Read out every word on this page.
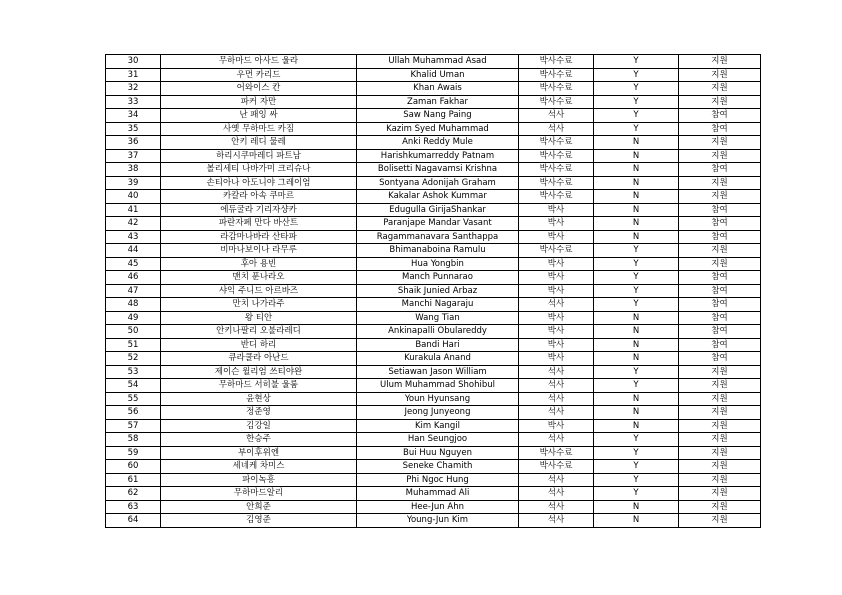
30	무하마드 아사드 울라	Ullah Muhammad Asad	박사수료	Y	지원
31	우먼 카리드	Khalid Uman	박사수료	Y	지원
32	어와이스 칸	Khan Awais	박사수료	Y	지원
33	파커 자만	Zaman Fakhar	박사수료	Y	지원
34	난 패잉 싸	Saw Nang Paing	석사	Y	참여
35	사옛 무하마드 카짐	Kazim Syed Muhammad	석사	Y	참여
36	안키 레디 물레	Anki Reddy Mule	박사수료	N	지원
37	하리시쿠마레디 파트남	Harishkumarreddy Patnam	박사수료	N	지원
38	볼리세티 나바가미 크리슈나	Bolisetti Nagavamsi Krishna	박사수료	N	참여
39	손티아나 아도니야 그레이엄	Sontyana Adonijah Graham	박사수료	N	지원
40	카칼라 아속 쿠마르	Kakalar Ashok Kummar	박사수료	N	지원
41	에듀굴라 기리자샹카	Edugulla GirijaShankar	박사	N	참여
42	파란자페 만다 바산트	Paranjape Mandar Vasant	박사	N	참여
43	라감마나바라 산타파	Ragammanavara Santhappa	박사	N	참여
44	비마나보이나 라무루	Bhimanaboina Ramulu	박사수료	Y	지원
45	후아 용빈	Hua Yongbin	박사	Y	지원
46	맨치 푼나라오	Manch Punnarao	박사	Y	참여
47	샤익 주니드 아르바즈	Shaik Junied Arbaz	박사	Y	참여
48	만치 나가라주	Manchi Nagaraju	석사	Y	참여
49	왕 티안	Wang Tian	박사	N	참여
50	안키나팔리 오불라레디	Ankinapalli Obulareddy	박사	N	참여
51	반디 하리	Bandi Hari	박사	N	참여
52	큐라쿨라 아난드	Kurakula Anand	박사	N	참여
53	제이슨 윌리엄 쓰티야완	Setiawan Jason William	석사	Y	지원
54	무하마드 서히불 울룸	Ulum Muhammad Shohibul	석사	Y	지원
55	윤현상	Youn Hyunsang	석사	N	지원
56	정준영	Jeong Junyeong	석사	N	지원
57	김강일	Kim Kangil	박사	N	지원
58	한승주	Han Seungjoo	석사	Y	지원
59	부이후위엔	Bui Huu Nguyen	박사수료	Y	지원
60	세네케 차미스	Seneke Chamith	박사수료	Y	지원
61	파이녹흥	Phi Ngoc Hung	석사	Y	지원
62	무하마드알리	Muhammad Ali	석사	Y	지원
63	안희준	Hee-Jun Ahn	석사	N	지원
64	김영준	Young-Jun Kim	석사	N	지원
